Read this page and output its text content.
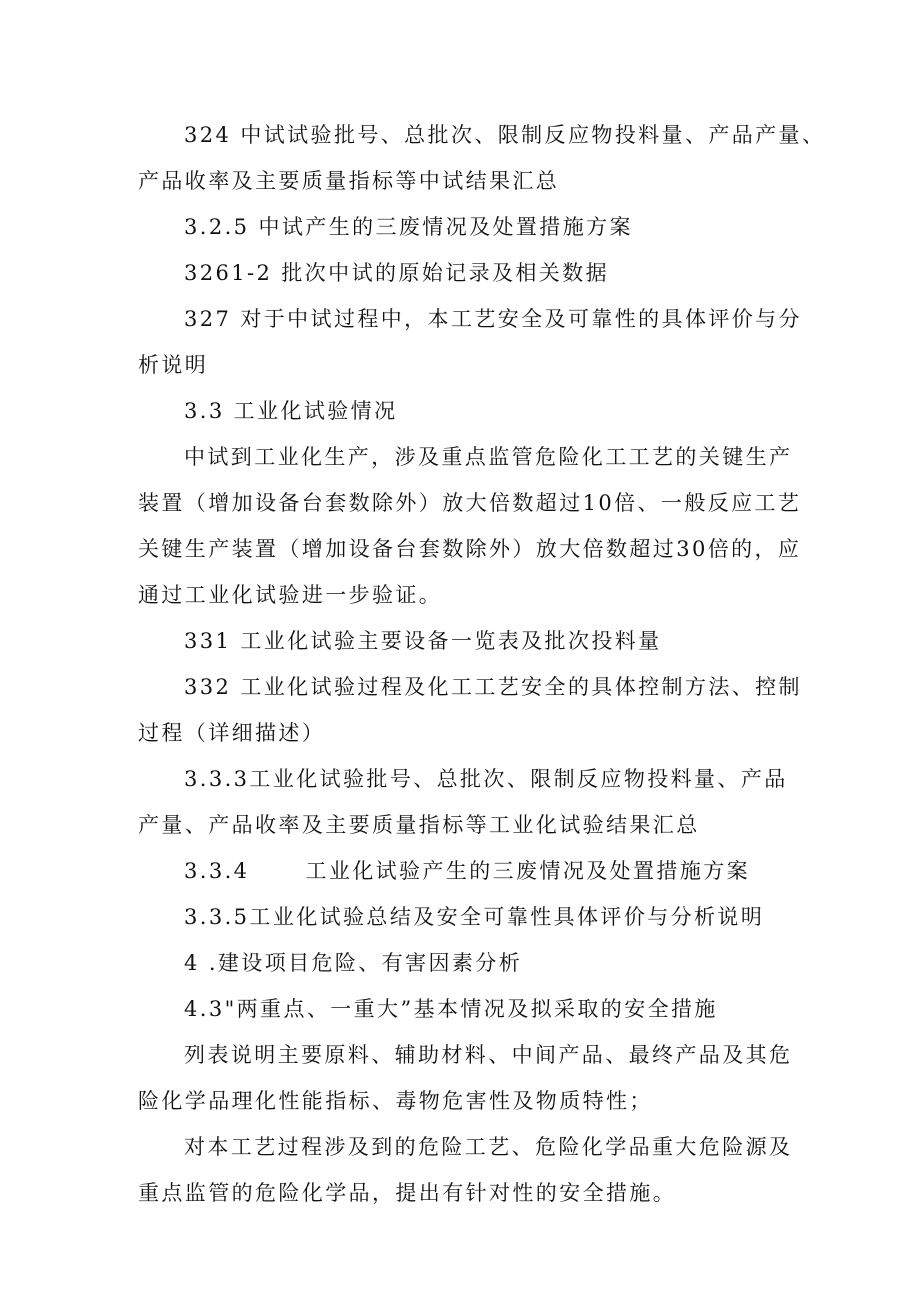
324 中试试验批号、总批次、限制反应物投料量、产品产量、
产品收率及主要质量指标等中试结果汇总
3.2.5 中试产生的三废情况及处置措施方案
3261-2 批次中试的原始记录及相关数据
327 对于中试过程中，本工艺安全及可靠性的具体评价与分
析说明
3.3 工业化试验情况
中试到工业化生产，涉及重点监管危险化工工艺的关键生产
装置（增加设备台套数除外）放大倍数超过10倍、一般反应工艺
关键生产装置（增加设备台套数除外）放大倍数超过30倍的，应
通过工业化试验进一步验证。
331 工业化试验主要设备一览表及批次投料量
332 工业化试验过程及化工工艺安全的具体控制方法、控制
过程（详细描述）
3.3.3工业化试验批号、总批次、限制反应物投料量、产品
产量、产品收率及主要质量指标等工业化试验结果汇总
3.3.4	工业化试验产生的三废情况及处置措施方案
3.3.5工业化试验总结及安全可靠性具体评价与分析说明
4 .建设项目危险、有害因素分析
4.3"两重点、一重大”基本情况及拟采取的安全措施
列表说明主要原料、辅助材料、中间产品、最终产品及其危
险化学品理化性能指标、毒物危害性及物质特性；
对本工艺过程涉及到的危险工艺、危险化学品重大危险源及
重点监管的危险化学品，提出有针对性的安全措施。
